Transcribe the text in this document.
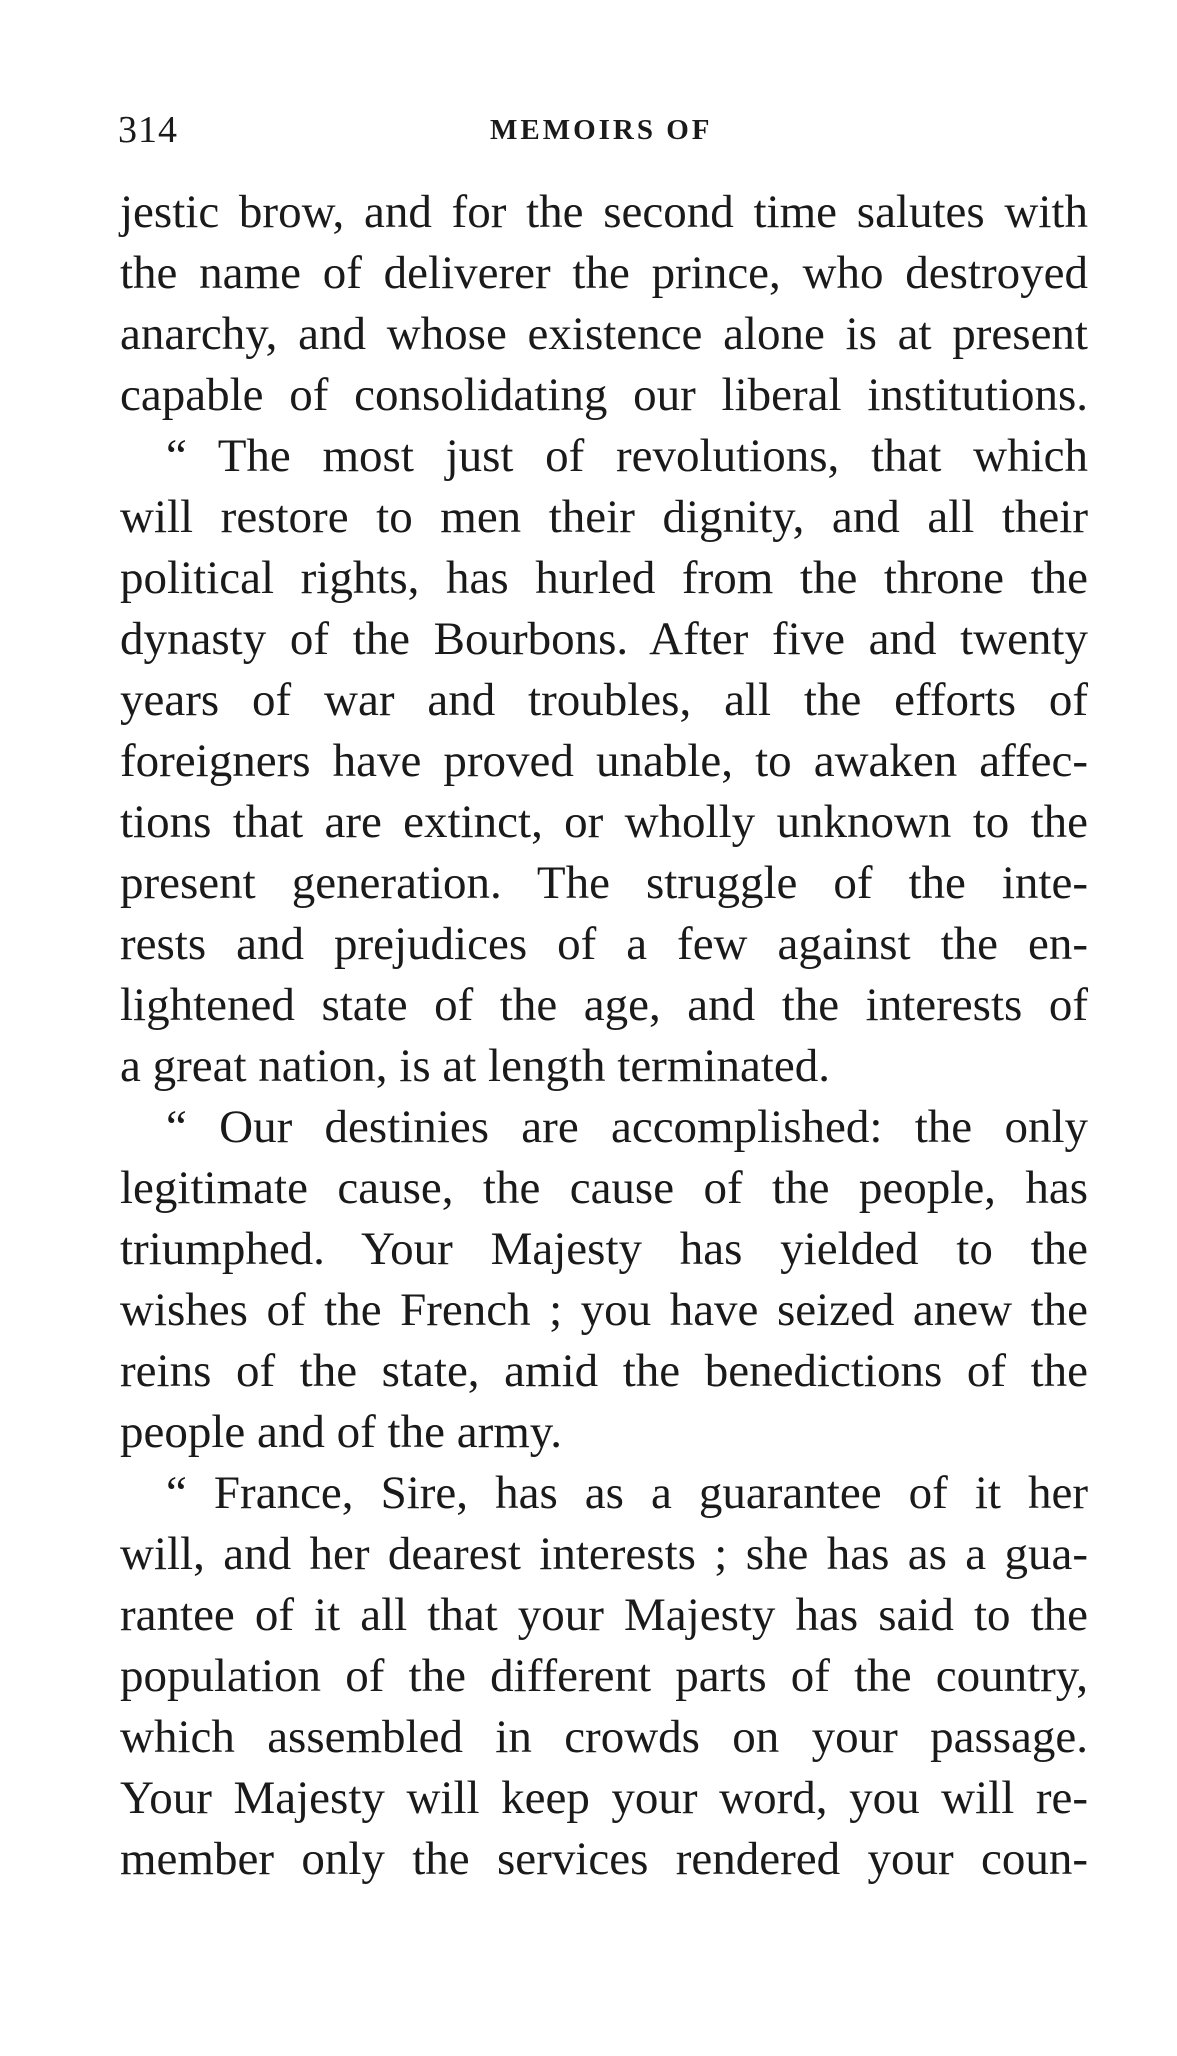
314	MEMOIRS OF
jestic brow, and for the second time salutes with
the name of deliverer the prince, who destroyed
anarchy, and whose existence alone is at present
capable of consolidating our liberal institutions.
“ The most just of revolutions, that which
will restore to men their dignity, and all their
political rights, has hurled from the throne the
dynasty of the Bourbons. After five and twenty
years of war and troubles, all the efforts of
foreigners have proved unable, to awaken affec-
tions that are extinct, or wholly unknown to the
present generation. The struggle of the inte-
rests and prejudices of a few against the en-
lightened state of the age, and the interests of
a great nation, is at length terminated.
“ Our destinies are accomplished: the only
legitimate cause, the cause of the people, has
triumphed. Your Majesty has yielded to the
wishes of the French ; you have seized anew the
reins of the state, amid the benedictions of the
people and of the army.
“ France, Sire, has as a guarantee of it her
will, and her dearest interests ; she has as a gua-
rantee of it all that your Majesty has said to the
population of the different parts of the country,
which assembled in crowds on your passage.
Your Majesty will keep your word, you will re-
member only the services rendered your coun-
